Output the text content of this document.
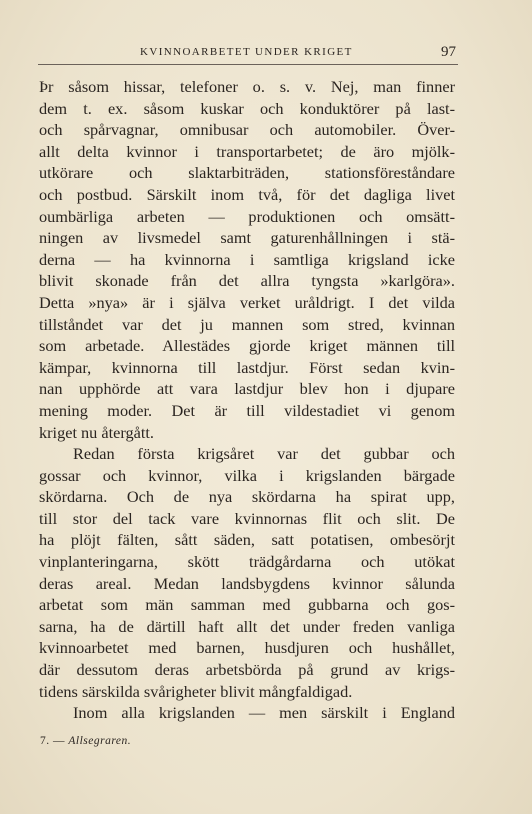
KVINNOARBETET UNDER KRIGET	97
Þr såsom hissar, telefoner o. s. v. Nej, man finner
dem t. ex. såsom kuskar och konduktörer på last-
och spårvagnar, omnibusar och automobiler. Över-
allt delta kvinnor i transportarbetet; de äro mjölk-
utkörare och slaktarbiträden, stationsföreståndare
och postbud. Särskilt inom två, för det dagliga livet
oumbärliga arbeten — produktionen och omsätt-
ningen av livsmedel samt gaturenhållningen i stä-
derna — ha kvinnorna i samtliga krigsland icke
blivit skonade från det allra tyngsta »karlgöra».
Detta »nya» är i själva verket uråldrigt. I det vilda
tillståndet var det ju mannen som stred, kvinnan
som arbetade. Allestädes gjorde kriget männen till
kämpar, kvinnorna till lastdjur. Först sedan kvin-
nan upphörde att vara lastdjur blev hon i djupare
mening moder. Det är till vildestadiet vi genom
kriget nu återgått.
Redan första krigsåret var det gubbar och
gossar och kvinnor, vilka i krigslanden bärgade
skördarna. Och de nya skördarna ha spirat upp,
till stor del tack vare kvinnornas flit och slit. De
ha plöjt fälten, sått säden, satt potatisen, ombesörjt
vinplanteringarna, skött trädgårdarna och utökat
deras areal. Medan landsbygdens kvinnor sålunda
arbetat som män samman med gubbarna och gos-
sarna, ha de därtill haft allt det under freden vanliga
kvinnoarbetet med barnen, husdjuren och hushållet,
där dessutom deras arbetsbörda på grund av krigs-
tidens särskilda svårigheter blivit mångfaldigad.
Inom alla krigslanden — men särskilt i England
7. — Allsegraren.
